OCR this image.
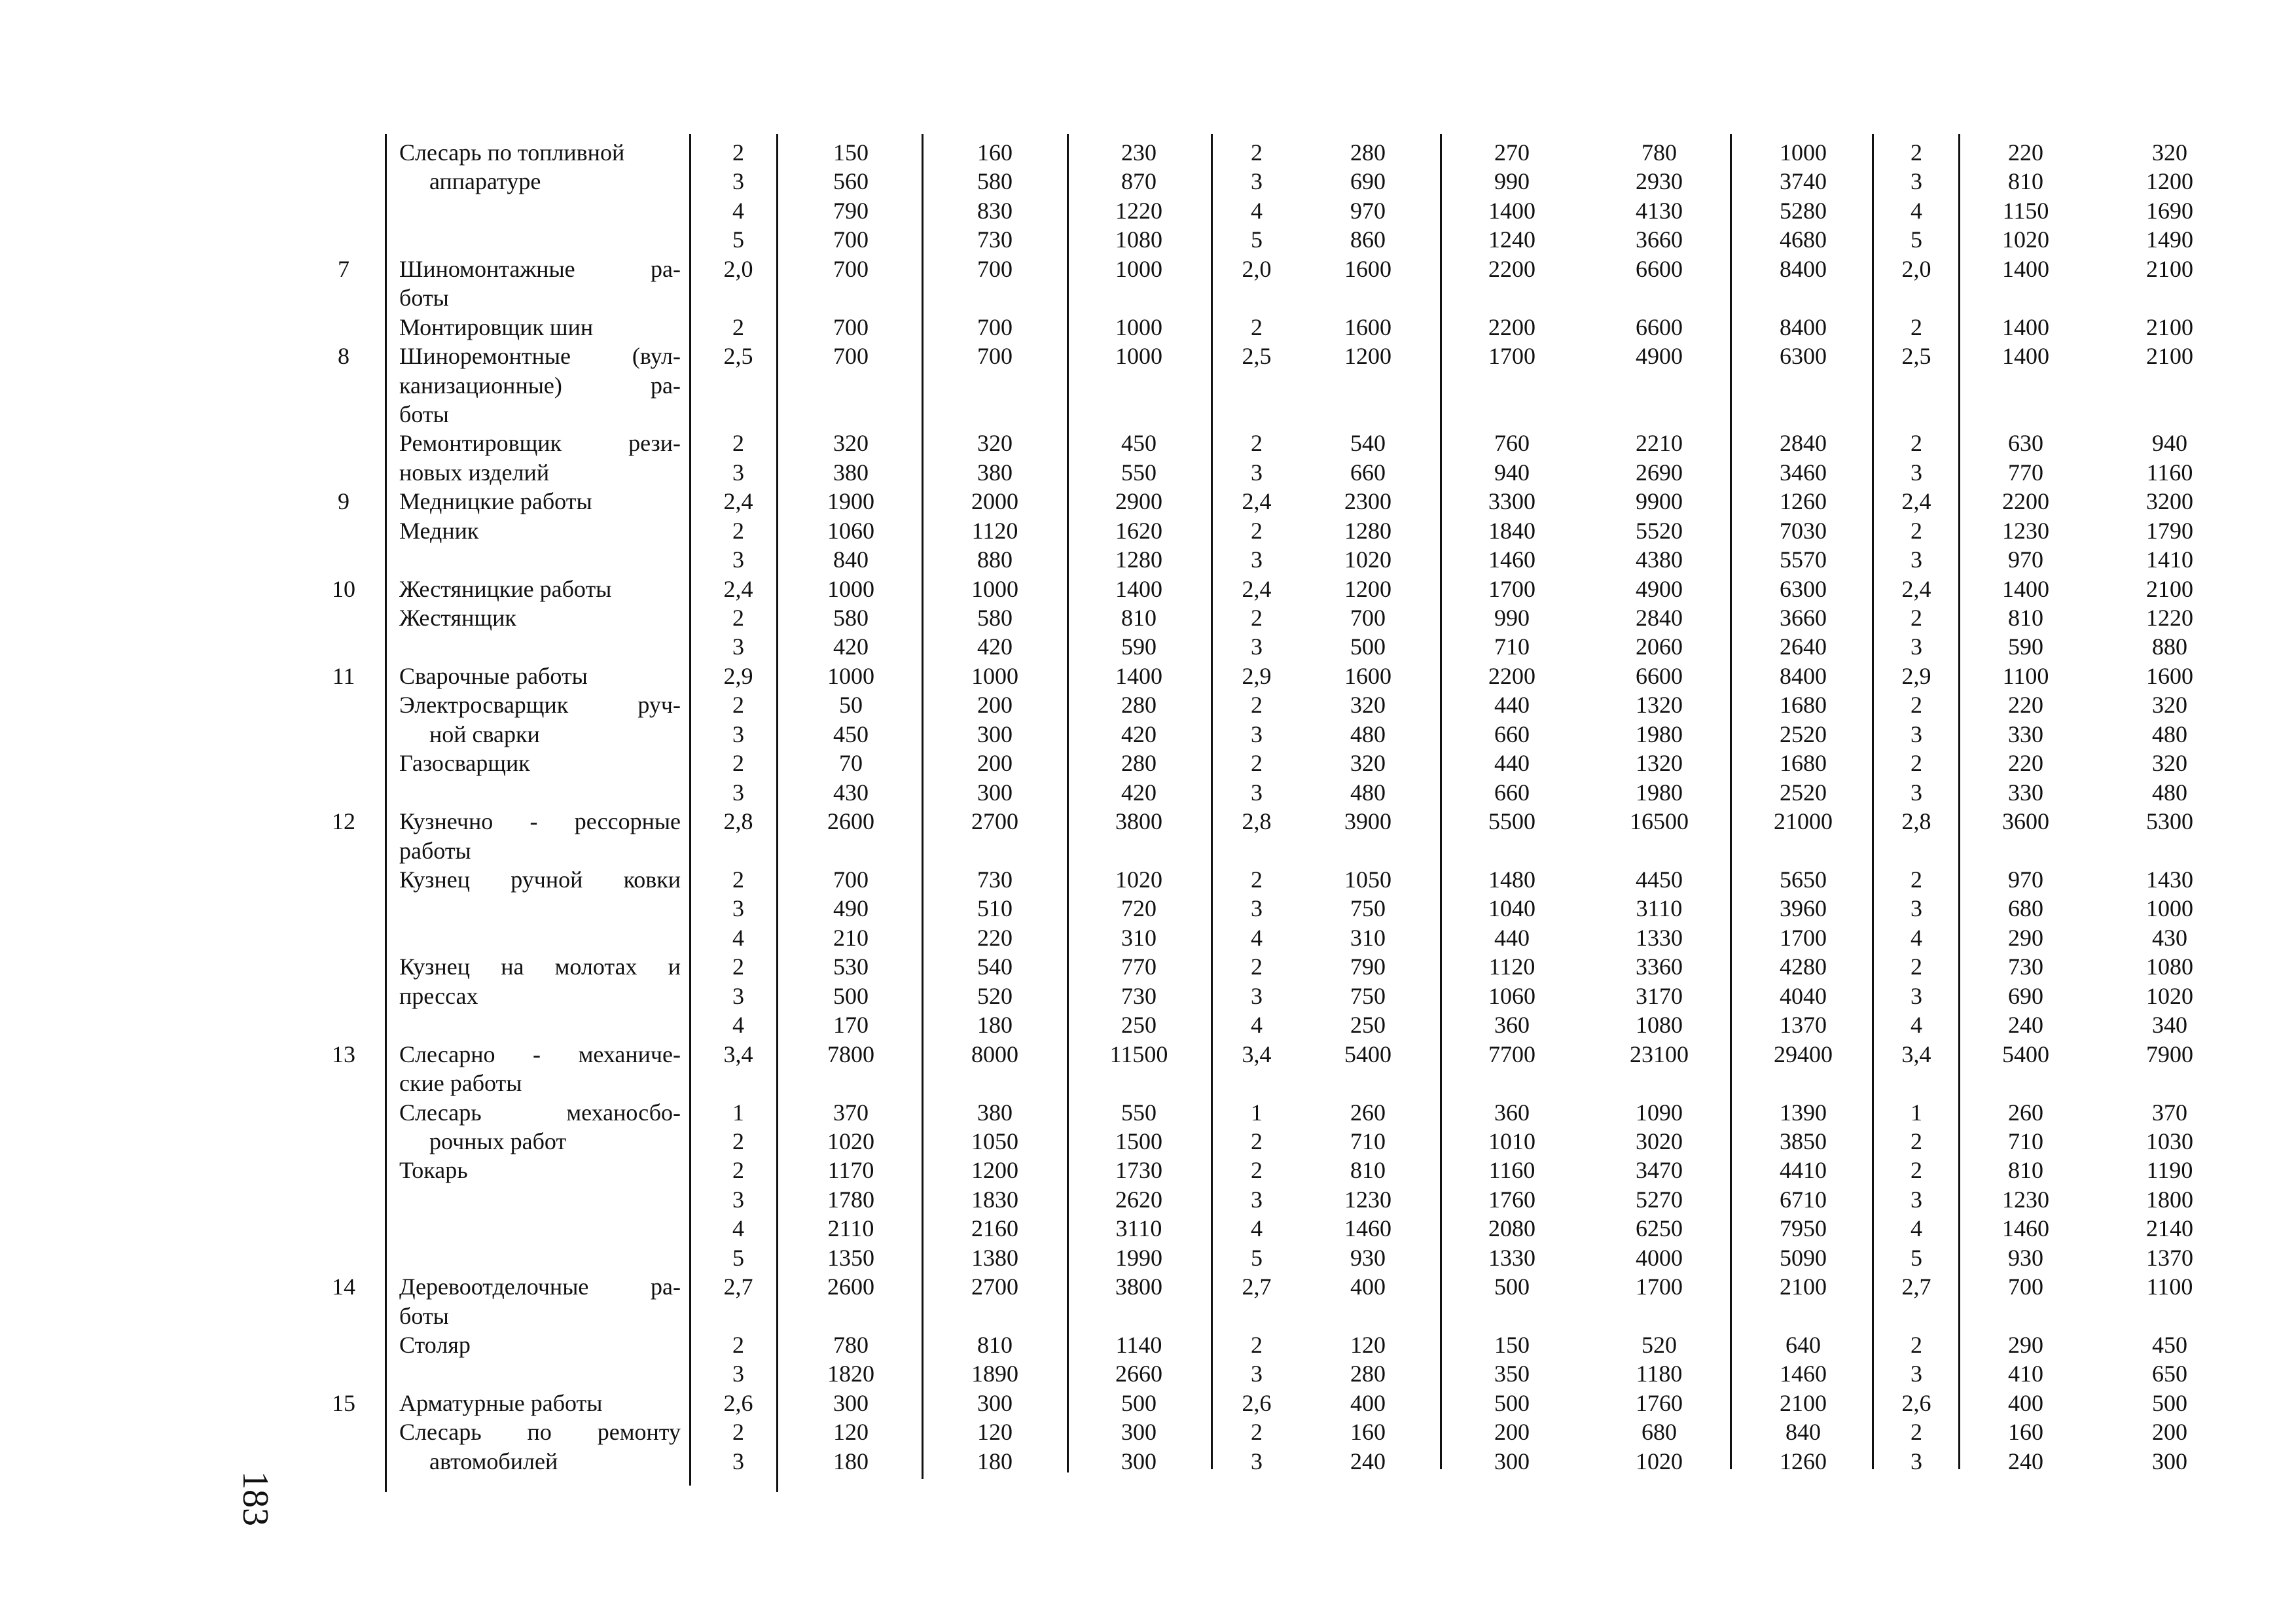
Слесарь по топливной	2	150	160	230	2	280	270	780	1000	2	220	320
аппаратуре	3	560	580	870	3	690	990	2930	3740	3	810	1200
4	790	830	1220	4	970	1400	4130	5280	4	1150	1690
5	700	730	1080	5	860	1240	3660	4680	5	1020	1490
7	Шиномонтажные ра-	2,0	700	700	1000	2,0	1600	2200	6600	8400	2,0	1400	2100
боты
Монтировщик шин	2	700	700	1000	2	1600	2200	6600	8400	2	1400	2100
8	Шиноремонтные (вул-	2,5	700	700	1000	2,5	1200	1700	4900	6300	2,5	1400	2100
канизационные) ра-
боты
Ремонтировщик рези-	2	320	320	450	2	540	760	2210	2840	2	630	940
новых изделий	3	380	380	550	3	660	940	2690	3460	3	770	1160
9	Медницкие работы	2,4	1900	2000	2900	2,4	2300	3300	9900	1260	2,4	2200	3200
Медник	2	1060	1120	1620	2	1280	1840	5520	7030	2	1230	1790
3	840	880	1280	3	1020	1460	4380	5570	3	970	1410
10	Жестяницкие работы	2,4	1000	1000	1400	2,4	1200	1700	4900	6300	2,4	1400	2100
Жестянщик	2	580	580	810	2	700	990	2840	3660	2	810	1220
3	420	420	590	3	500	710	2060	2640	3	590	880
11	Сварочные работы	2,9	1000	1000	1400	2,9	1600	2200	6600	8400	2,9	1100	1600
Электросварщик руч-	2	50	200	280	2	320	440	1320	1680	2	220	320
ной сварки	3	450	300	420	3	480	660	1980	2520	3	330	480
Газосварщик	2	70	200	280	2	320	440	1320	1680	2	220	320
3	430	300	420	3	480	660	1980	2520	3	330	480
12	Кузнечно - рессорные	2,8	2600	2700	3800	2,8	3900	5500	16500	21000	2,8	3600	5300
работы
Кузнец ручной ковки	2	700	730	1020	2	1050	1480	4450	5650	2	970	1430
3	490	510	720	3	750	1040	3110	3960	3	680	1000
4	210	220	310	4	310	440	1330	1700	4	290	430
Кузнец на молотах и	2	530	540	770	2	790	1120	3360	4280	2	730	1080
прессах	3	500	520	730	3	750	1060	3170	4040	3	690	1020
4	170	180	250	4	250	360	1080	1370	4	240	340
13	Слесарно - механиче-	3,4	7800	8000	11500	3,4	5400	7700	23100	29400	3,4	5400	7900
ские работы
Слесарь механосбо-	1	370	380	550	1	260	360	1090	1390	1	260	370
рочных работ	2	1020	1050	1500	2	710	1010	3020	3850	2	710	1030
Токарь	2	1170	1200	1730	2	810	1160	3470	4410	2	810	1190
3	1780	1830	2620	3	1230	1760	5270	6710	3	1230	1800
4	2110	2160	3110	4	1460	2080	6250	7950	4	1460	2140
5	1350	1380	1990	5	930	1330	4000	5090	5	930	1370
14	Деревоотделочные ра-	2,7	2600	2700	3800	2,7	400	500	1700	2100	2,7	700	1100
боты
Столяр	2	780	810	1140	2	120	150	520	640	2	290	450
3	1820	1890	2660	3	280	350	1180	1460	3	410	650
15	Арматурные работы	2,6	300	300	500	2,6	400	500	1760	2100	2,6	400	500
Слесарь по ремонту	2	120	120	300	2	160	200	680	840	2	160	200
автомобилей	3	180	180	300	3	240	300	1020	1260	3	240	300
183
